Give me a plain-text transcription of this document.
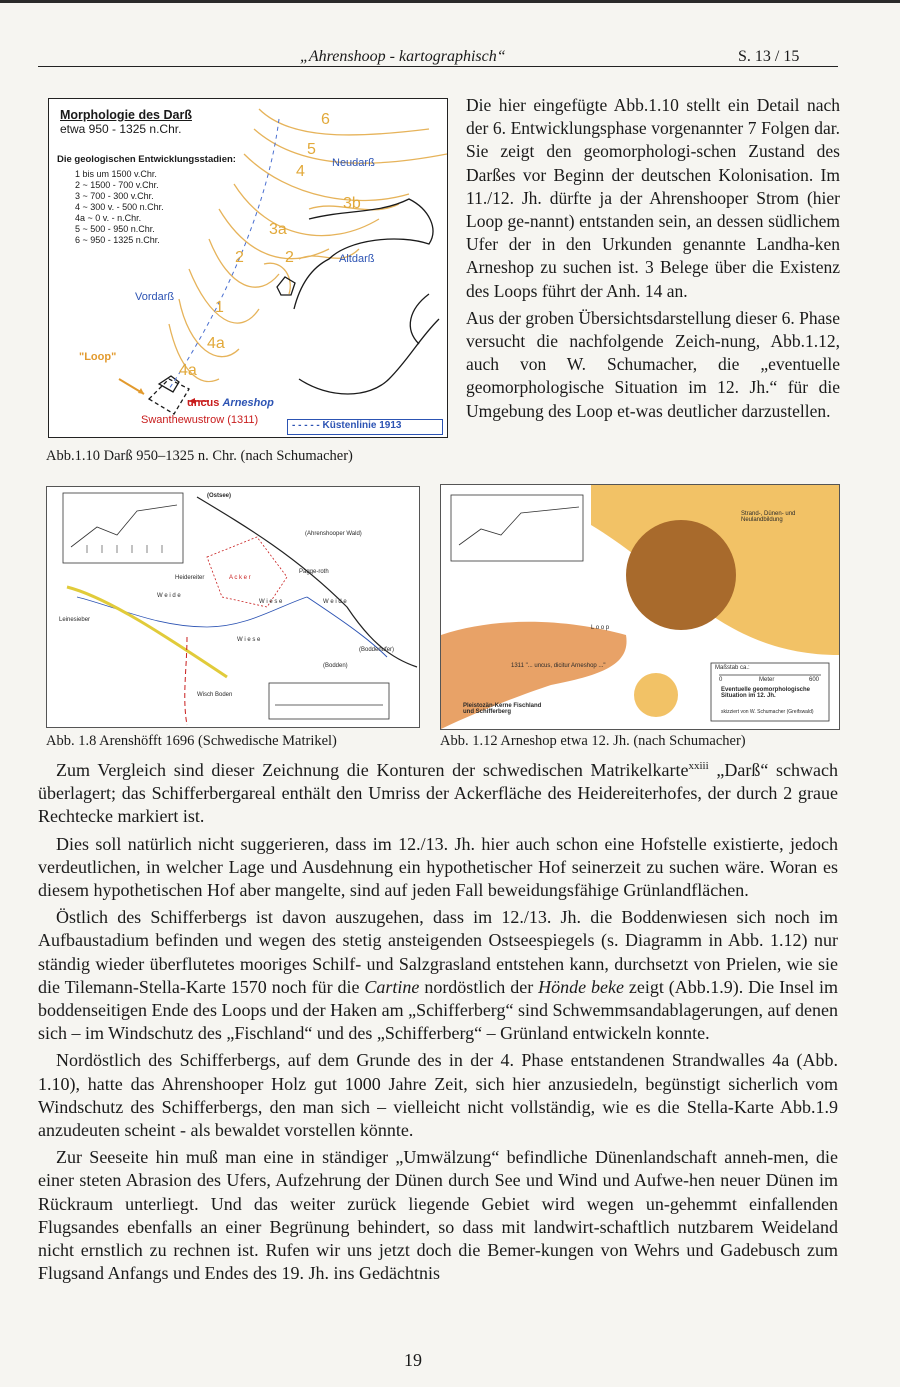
„Ahrenshoop - kartographisch“	S. 13 / 15
Morphologie des Darß
etwa 950 - 1325 n.Chr.
Die geologischen Entwicklungsstadien:
1 bis um 1500 v.Chr.
2 ~ 1500 - 700 v.Chr.
3 ~ 700 - 300 v.Chr.
4 ~ 300 v. - 500 n.Chr.
4a ~ 0 v. - n.Chr.
5 ~ 500 - 950 n.Chr.
6 ~ 950 - 1325 n.Chr.
Neudarß
Altdarß
Vordarß
6
5
4
3b
3a
2	2
1
4a
4a
"Loop"
uncus Arneshop
Swanthewustrow (1311)	- - - - - Küstenlinie 1913
Abb.1.10 Darß 950–1325 n. Chr. (nach Schumacher)

Die hier eingefügte Abb.1.10 stellt ein Detail nach der 6. Entwicklungsphase vorgenannter 7 Folgen dar. Sie zeigt den geomorphologi-schen Zustand des Darßes vor Beginn der deutschen Kolonisation. Im 11./12. Jh. dürfte ja der Ahrenshooper Strom (hier Loop ge-nannt) entstanden sein, an dessen südlichem Ufer der in den Urkunden genannte Landha-ken Arneshop zu suchen ist. 3 Belege über die Existenz des Loops führt der Anh. 14 an.

Aus der groben Übersichtsdarstellung dieser 6. Phase versucht die nachfolgende Zeich-nung, Abb.1.12, auch von W. Schumacher, die „eventuelle geomorphologische Situation im 12. Jh.“ für die Umgebung des Loop et-was deutlicher darzustellen.

(Ostsee)
(Ahrenshooper Wald)
Heidereiter	A c k e r
W e i d e
W e i d e
W i e s e
W i e s e
(Boddenufer)
(Bodden)
Pagge-roth
Leinesieber
Wisch Boden
Abb. 1.8 Arenshöfft 1696 (Schwedische Matrikel)
Strand-, Dünen- und Neulandbildung
L o o p
1311 "... uncus, dicitur Arneshop ..."
Pleistozän-Kerne Fischland und Schifferberg
Maßstab ca.:
0	Meter	600
Eventuelle geomorphologische Situation im 12. Jh.
skizziert von W. Schumacher (Greifswald)
Abb. 1.12 Arneshop etwa 12. Jh. (nach Schumacher)

Zum Vergleich sind dieser Zeichnung die Konturen der schwedischen Matrikelkarte$^{xxiii}$ „Darß“ schwach überlagert; das Schifferbergareal enthält den Umriss der Ackerfläche des Heidereiterhofes, der durch 2 graue Rechtecke markiert ist.

Dies soll natürlich nicht suggerieren, dass im 12./13. Jh. hier auch schon eine Hofstelle existierte, jedoch verdeutlichen, in welcher Lage und Ausdehnung ein hypothetischer Hof seinerzeit zu suchen wäre. Woran es diesem hypothetischen Hof aber mangelte, sind auf jeden Fall beweidungsfähige Grünlandflächen.

Östlich des Schifferbergs ist davon auszugehen, dass im 12./13. Jh. die Boddenwiesen sich noch im Aufbaustadium befinden und wegen des stetig ansteigenden Ostseespiegels (s. Diagramm in Abb. 1.12) nur ständig wieder überflutetes mooriges Schilf- und Salzgrasland entstehen kann, durchsetzt von Prielen, wie sie die Tilemann-Stella-Karte 1570 noch für die Cartine nordöstlich der Hönde beke zeigt (Abb.1.9). Die Insel im boddenseitigen Ende des Loops und der Haken am „Schifferberg“ sind Schwemmsandablagerungen, auf denen sich – im Windschutz des „Fischland“ und des „Schifferberg“ – Grünland entwickeln konnte.

Nordöstlich des Schifferbergs, auf dem Grunde des in der 4. Phase entstandenen Strandwalles 4a (Abb. 1.10), hatte das Ahrenshooper Holz gut 1000 Jahre Zeit, sich hier anzusiedeln, begünstigt sicherlich vom Windschutz des Schifferbergs, den man sich – vielleicht nicht vollständig, wie es die Stella-Karte Abb.1.9 anzudeuten scheint - als bewaldet vorstellen könnte.

Zur Seeseite hin muß man eine in ständiger „Umwälzung“ befindliche Dünenlandschaft anneh-men, die einer steten Abrasion des Ufers, Aufzehrung der Dünen durch See und Wind und Aufwe-hen neuer Dünen im Rückraum unterliegt. Und das weiter zurück liegende Gebiet wird wegen un-gehemmt einfallenden Flugsandes ebenfalls an einer Begrünung behindert, so dass mit landwirt-schaftlich nutzbarem Weideland nicht ernstlich zu rechnen ist. Rufen wir uns jetzt doch die Bemer-kungen von Wehrs und Gadebusch zum Flugsand Anfangs und Endes des 19. Jh. ins Gedächtnis

19
